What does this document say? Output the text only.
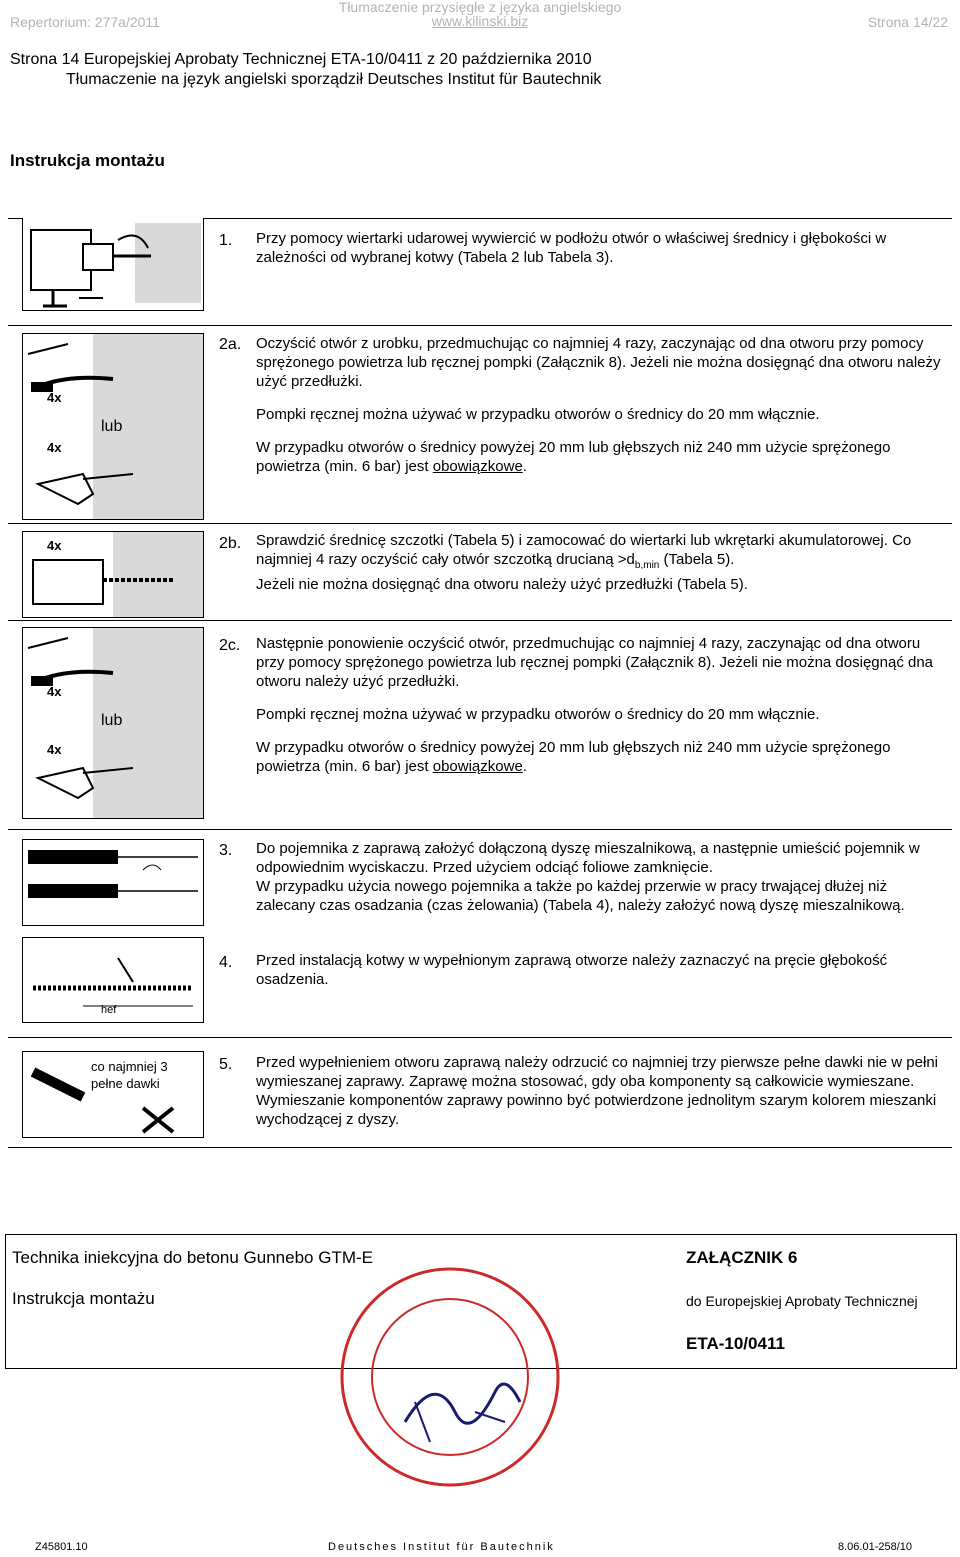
Tłumaczenie przysięgłe z języka angielskiego
www.kilinski.biz
Repertorium: 277a/2011	Strona 14/22
Strona 14 Europejskiej Aprobaty Technicznej ETA-10/0411 z 20 października 2010
Tłumaczenie na język angielski sporządził Deutsches Institut für Bautechnik
Instrukcja montażu
1. Przy pomocy wiertarki udarowej wywiercić w podłożu otwór o właściwej średnicy i głębokości w zależności od wybranej kotwy (Tabela 2 lub Tabela 3).
4x
4x
lub
2a. Oczyścić otwór z urobku, przedmuchując co najmniej 4 razy, zaczynając od dna otworu przy pomocy sprężonego powietrza lub ręcznej pompki (Załącznik 8). Jeżeli nie można dosięgnąć dna otworu należy użyć przedłużki.
Pompki ręcznej można używać w przypadku otworów o średnicy do 20 mm włącznie.
W przypadku otworów o średnicy powyżej 20 mm lub głębszych niż 240 mm użycie sprężonego powietrza (min. 6 bar) jest obowiązkowe.
4x	2b. Sprawdzić średnicę szczotki (Tabela 5) i zamocować do wiertarki lub wkrętarki akumulatorowej. Co najmniej 4 razy oczyścić cały otwór szczotką drucianą $>d_{b,min}$ (Tabela 5).
Jeżeli nie można dosięgnąć dna otworu należy użyć przedłużki (Tabela 5).
4x
4x
lub
2c. Następnie ponowienie oczyścić otwór, przedmuchując co najmniej 4 razy, zaczynając od dna otworu przy pomocy sprężonego powietrza lub ręcznej pompki (Załącznik 8). Jeżeli nie można dosięgnąć dna otworu należy użyć przedłużki.
Pompki ręcznej można używać w przypadku otworów o średnicy do 20 mm włącznie.
W przypadku otworów o średnicy powyżej 20 mm lub głębszych niż 240 mm użycie sprężonego powietrza (min. 6 bar) jest obowiązkowe.
3. Do pojemnika z zaprawą założyć dołączoną dyszę mieszalnikową, a następnie umieścić pojemnik w odpowiednim wyciskaczu. Przed użyciem odciąć foliowe zamknięcie.
W przypadku użycia nowego pojemnika a także po każdej przerwie w pracy trwającej dłużej niż zalecany czas osadzania (czas żelowania) (Tabela 4), należy założyć nową dyszę mieszalnikową.
hef
4. Przed instalacją kotwy w wypełnionym zaprawą otworze należy zaznaczyć na pręcie głębokość osadzenia.
co najmniej 3 pełne dawki
5. Przed wypełnieniem otworu zaprawą należy odrzucić co najmniej trzy pierwsze pełne dawki nie w pełni wymieszanej zaprawy. Zaprawę można stosować, gdy oba komponenty są całkowicie wymieszane. Wymieszanie komponentów zaprawy powinno być potwierdzone jednolitym szarym kolorem mieszanki wychodzącej z dyszy.
Technika iniekcyjna do betonu Gunnebo GTM-E
Instrukcja montażu
ZAŁĄCZNIK 6
do Europejskiej Aprobaty Technicznej
ETA-10/0411
Z45801.10	Deutsches Institut für Bautechnik	8.06.01-258/10
